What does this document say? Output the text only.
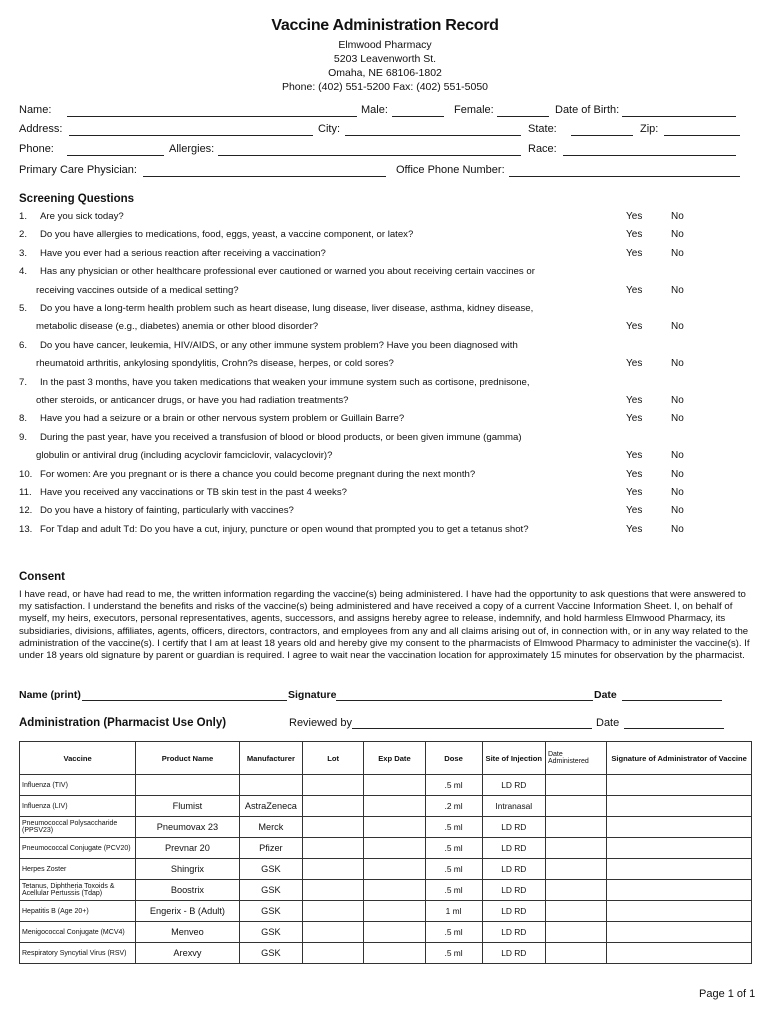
Vaccine Administration Record
Elmwood Pharmacy
5203 Leavenworth St.
Omaha, NE 68106-1802
Phone: (402) 551-5200 Fax: (402) 551-5050
Name:	Male:	Female:	Date of Birth:
Address:	City:	State:	Zip:
Phone:	Allergies:	Race:
Primary Care Physician:	Office Phone Number:
Screening Questions
1. Are you sick today?	Yes	No
2. Do you have allergies to medications, food, eggs, yeast, a vaccine component, or latex?	Yes	No
3. Have you ever had a serious reaction after receiving a vaccination?	Yes	No
4. Has any physician or other healthcare professional ever cautioned or warned you about receiving certain vaccines or
receiving vaccines outside of a medical setting?	Yes	No
5. Do you have a long-term health problem such as heart disease, lung disease, liver disease, asthma, kidney disease,
metabolic disease (e.g., diabetes) anemia or other blood disorder?	Yes	No
6. Do you have cancer, leukemia, HIV/AIDS, or any other immune system problem? Have you been diagnosed with
rheumatoid arthritis, ankylosing spondylitis, Crohn?s disease, herpes, or cold sores?	Yes	No
7. In the past 3 months, have you taken medications that weaken your immune system such as cortisone, prednisone,
other steroids, or anticancer drugs, or have you had radiation treatments?	Yes	No
8. Have you had a seizure or a brain or other nervous system problem or Guillain Barre?	Yes	No
9. During the past year, have you received a transfusion of blood or blood products, or been given immune (gamma)
globulin or antiviral drug (including acyclovir famciclovir, valacyclovir)?	Yes	No
10. For women: Are you pregnant or is there a chance you could become pregnant during the next month?	Yes	No
11. Have you received any vaccinations or TB skin test in the past 4 weeks?	Yes	No
12. Do you have a history of fainting, particularly with vaccines?	Yes	No
13. For Tdap and adult Td: Do you have a cut, injury, puncture or open wound that prompted you to get a tetanus shot?	Yes	No
Consent
I have read, or have had read to me, the written information regarding the vaccine(s) being administered. I have had the opportunity to ask questions that were answered to my satisfaction. I understand the benefits and risks of the vaccine(s) being administered and have received a copy of a current Vaccine Information Sheet. I, on behalf of myself, my heirs, executors, personal representatives, agents, successors, and assigns hereby agree to release, indemnify, and hold harmless Elmwood Pharmacy, its subsidiaries, divisions, affiliates, agents, officers, directors, contractors, and employees from any and all claims arising out of, in connection with, or in any way related to the administration of the vaccine(s). I certify that I am at least 18 years old and hereby give my consent to the pharmacists of Elmwood Pharmacy to administer the vaccine(s). If under 18 years old signature by parent or guardian is required. I agree to wait near the vaccination location for approximately 15 minutes for observation by the pharmacist.
Name (print)	Signature	Date
Administration (Pharmacist Use Only)	Reviewed by	Date
Vaccine	Product Name	Manufacturer	Lot	Exp Date	Dose	Site of Injection	Date Administered	Signature of Administrator of Vaccine
Influenza (TIV)					.5 ml	LD RD		
Influenza (LIV)	Flumist	AstraZeneca			.2 ml	Intranasal		
Pneumococcal Polysaccharide (PPSV23)	Pneumovax 23	Merck			.5 ml	LD RD		
Pneumococcal Conjugate (PCV20)	Prevnar 20	Pfizer			.5 ml	LD RD		
Herpes Zoster	Shingrix	GSK			.5 ml	LD RD		
Tetanus, Diphtheria Toxoids & Acellular Pertussis (Tdap)	Boostrix	GSK			.5 ml	LD RD		
Hepatitis B (Age 20+)	Engerix - B (Adult)	GSK			1 ml	LD RD		
Menigococcal Conjugate (MCV4)	Menveo	GSK			.5 ml	LD RD		
Respiratory Syncytial Virus (RSV)	Arexvy	GSK			.5 ml	LD RD		
Page 1 of 1
